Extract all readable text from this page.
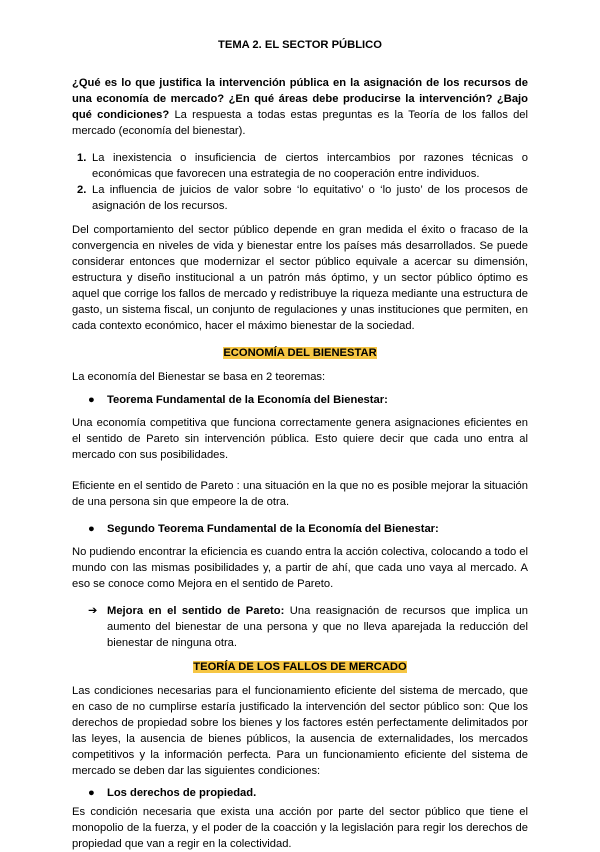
TEMA 2. EL SECTOR PÚBLICO

¿Qué es lo que justifica la intervención pública en la asignación de los recursos de una economía de mercado? ¿En qué áreas debe producirse la intervención? ¿Bajo qué condiciones? La respuesta a todas estas preguntas es la Teoría de los fallos del mercado (economía del bienestar).

1. La inexistencia o insuficiencia de ciertos intercambios por razones técnicas o económicas que favorecen una estrategia de no cooperación entre individuos.
2. La influencia de juicios de valor sobre ‘lo equitativo’ o ‘lo justo’ de los procesos de asignación de los recursos.

Del comportamiento del sector público depende en gran medida el éxito o fracaso de la convergencia en niveles de vida y bienestar entre los países más desarrollados. Se puede considerar entonces que modernizar el sector público equivale a acercar su dimensión, estructura y diseño institucional a un patrón más óptimo, y un sector público óptimo es aquel que corrige los fallos de mercado y redistribuye la riqueza mediante una estructura de gasto, un sistema fiscal, un conjunto de regulaciones y unas instituciones que permiten, en cada contexto económico, hacer el máximo bienestar de la sociedad.

ECONOMÍA DEL BIENESTAR

La economía del Bienestar se basa en 2 teoremas:

● Teorema Fundamental de la Economía del Bienestar:

Una economía competitiva que funciona correctamente genera asignaciones eficientes en el sentido de Pareto sin intervención pública. Esto quiere decir que cada uno entra al mercado con sus posibilidades.

Eficiente en el sentido de Pareto : una situación en la que no es posible mejorar la situación de una persona sin que empeore la de otra.

● Segundo Teorema Fundamental de la Economía del Bienestar:

No pudiendo encontrar la eficiencia es cuando entra la acción colectiva, colocando a todo el mundo con las mismas posibilidades y, a partir de ahí, que cada uno vaya al mercado. A eso se conoce como Mejora en el sentido de Pareto.

➔ Mejora en el sentido de Pareto: Una reasignación de recursos que implica un aumento del bienestar de una persona y que no lleva aparejada la reducción del bienestar de ninguna otra.
TEORÍA DE LOS FALLOS DE MERCADO

Las condiciones necesarias para el funcionamiento eficiente del sistema de mercado, que en caso de no cumplirse estaría justificado la intervención del sector público son: Que los derechos de propiedad sobre los bienes y los factores estén perfectamente delimitados por las leyes, la ausencia de bienes públicos, la ausencia de externalidades, los mercados competitivos y la información perfecta. Para un funcionamiento eficiente del sistema de mercado se deben dar las siguientes condiciones:

● Los derechos de propiedad.

Es condición necesaria que exista una acción por parte del sector público que tiene el monopolio de la fuerza, y el poder de la coacción y la legislación para regir los derechos de propiedad que van a regir en la colectividad.
